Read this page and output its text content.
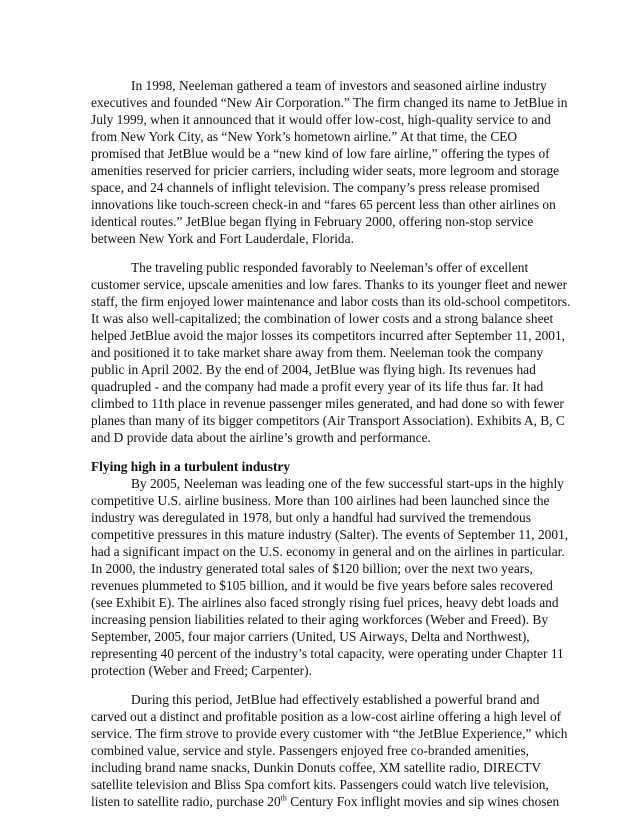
In 1998, Neeleman gathered a team of investors and seasoned airline industry
executives and founded “New Air Corporation.” The firm changed its name to JetBlue in
July 1999, when it announced that it would offer low-cost, high-quality service to and
from New York City, as “New York’s hometown airline.” At that time, the CEO
promised that JetBlue would be a “new kind of low fare airline,” offering the types of
amenities reserved for pricier carriers, including wider seats, more legroom and storage
space, and 24 channels of inflight television. The company’s press release promised
innovations like touch-screen check-in and “fares 65 percent less than other airlines on
identical routes.” JetBlue began flying in February 2000, offering non-stop service
between New York and Fort Lauderdale, Florida.
The traveling public responded favorably to Neeleman’s offer of excellent
customer service, upscale amenities and low fares. Thanks to its younger fleet and newer
staff, the firm enjoyed lower maintenance and labor costs than its old-school competitors.
It was also well-capitalized; the combination of lower costs and a strong balance sheet
helped JetBlue avoid the major losses its competitors incurred after September 11, 2001,
and positioned it to take market share away from them. Neeleman took the company
public in April 2002. By the end of 2004, JetBlue was flying high. Its revenues had
quadrupled - and the company had made a profit every year of its life thus far. It had
climbed to 11th place in revenue passenger miles generated, and had done so with fewer
planes than many of its bigger competitors (Air Transport Association). Exhibits A, B, C
and D provide data about the airline’s growth and performance.
Flying high in a turbulent industry
By 2005, Neeleman was leading one of the few successful start-ups in the highly
competitive U.S. airline business. More than 100 airlines had been launched since the
industry was deregulated in 1978, but only a handful had survived the tremendous
competitive pressures in this mature industry (Salter). The events of September 11, 2001,
had a significant impact on the U.S. economy in general and on the airlines in particular.
In 2000, the industry generated total sales of $120 billion; over the next two years,
revenues plummeted to $105 billion, and it would be five years before sales recovered
(see Exhibit E). The airlines also faced strongly rising fuel prices, heavy debt loads and
increasing pension liabilities related to their aging workforces (Weber and Freed). By
September, 2005, four major carriers (United, US Airways, Delta and Northwest),
representing 40 percent of the industry’s total capacity, were operating under Chapter 11
protection (Weber and Freed; Carpenter).
During this period, JetBlue had effectively established a powerful brand and
carved out a distinct and profitable position as a low-cost airline offering a high level of
service. The firm strove to provide every customer with “the JetBlue Experience,” which
combined value, service and style. Passengers enjoyed free co-branded amenities,
including brand name snacks, Dunkin Donuts coffee, XM satellite radio, DIRECTV
satellite television and Bliss Spa comfort kits. Passengers could watch live television,
listen to satellite radio, purchase 20th Century Fox inflight movies and sip wines chosen
